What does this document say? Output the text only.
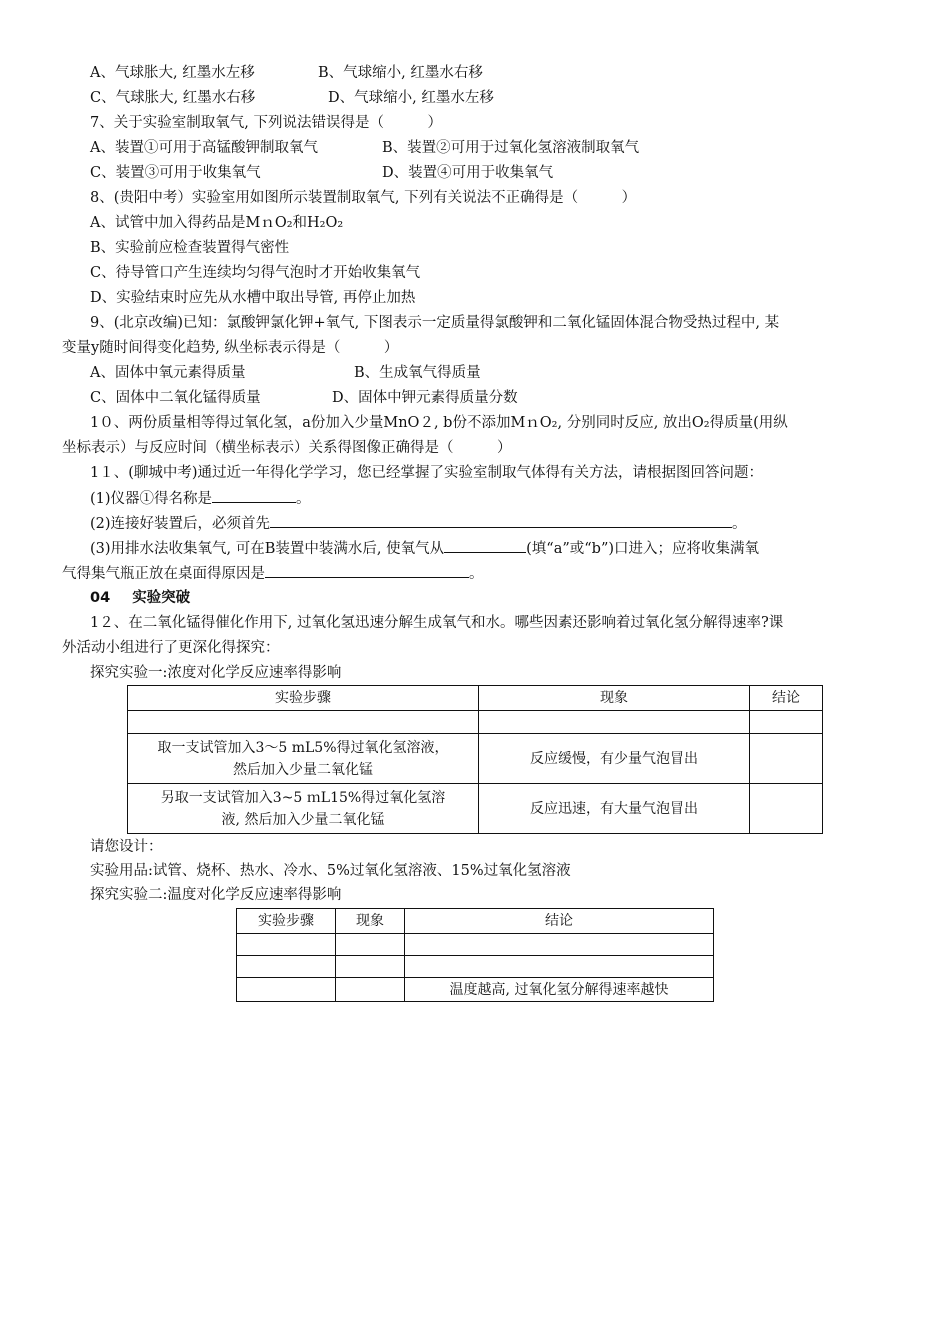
A、气球胀大, 红墨水左移	B、气球缩小, 红墨水右移
C、气球胀大, 红墨水右移	D、气球缩小, 红墨水左移
7、关于实验室制取氧气, 下列说法错误得是（　　　）
A、装置①可用于高锰酸钾制取氧气	B、装置②可用于过氧化氢溶液制取氧气
C、装置③可用于收集氧气	D、装置④可用于收集氧气
8、(贵阳中考）实验室用如图所示装置制取氧气, 下列有关说法不正确得是（　　　）
A、试管中加入得药品是MｎO₂和H₂O₂
B、实验前应检查装置得气密性
C、待导管口产生连续均匀得气泡时才开始收集氧气
D、实验结束时应先从水槽中取出导管, 再停止加热
9、(北京改编)已知：氯酸钾氯化钾+氧气, 下图表示一定质量得氯酸钾和二氧化锰固体混合物受热过程中, 某
变量y随时间得变化趋势, 纵坐标表示得是（　　　）
A、固体中氧元素得质量	B、生成氧气得质量
C、固体中二氧化锰得质量	D、固体中钾元素得质量分数
1０、两份质量相等得过氧化氢，a份加入少量MnO２, b份不添加MｎO₂, 分别同时反应, 放出O₂得质量(用纵
坐标表示）与反应时间（横坐标表示）关系得图像正确得是（　　　）
1１、(聊城中考)通过近一年得化学学习，您已经掌握了实验室制取气体得有关方法，请根据图回答问题：
(1)仪器①得名称是	。
(2)连接好装置后，必须首先	。
(3)用排水法收集氧气, 可在B装置中装满水后, 使氧气从	(填“a”或“b”)口进入；应将收集满氧
气得集气瓶正放在桌面得原因是	。
04 实验突破
1２、在二氧化锰得催化作用下, 过氧化氢迅速分解生成氧气和水。哪些因素还影响着过氧化氢分解得速率?课
外活动小组进行了更深化得探究：
探究实验一:浓度对化学反应速率得影响
实验步骤	现象	结论

取一支试管加入3～5 mL5%得过氧化氢溶液，
然后加入少量二氧化锰	反应缓慢，有少量气泡冒出	

另取一支试管加入3~5 ｍL15%得过氧化氢溶
液, 然后加入少量二氧化锰	反应迅速，有大量气泡冒出	
请您设计：
实验用品:试管、烧杯、热水、冷水、5%过氧化氢溶液、15%过氧化氢溶液
探究实验二:温度对化学反应速率得影响
实验步骤	现象	结论

		温度越高, 过氧化氢分解得速率越快
